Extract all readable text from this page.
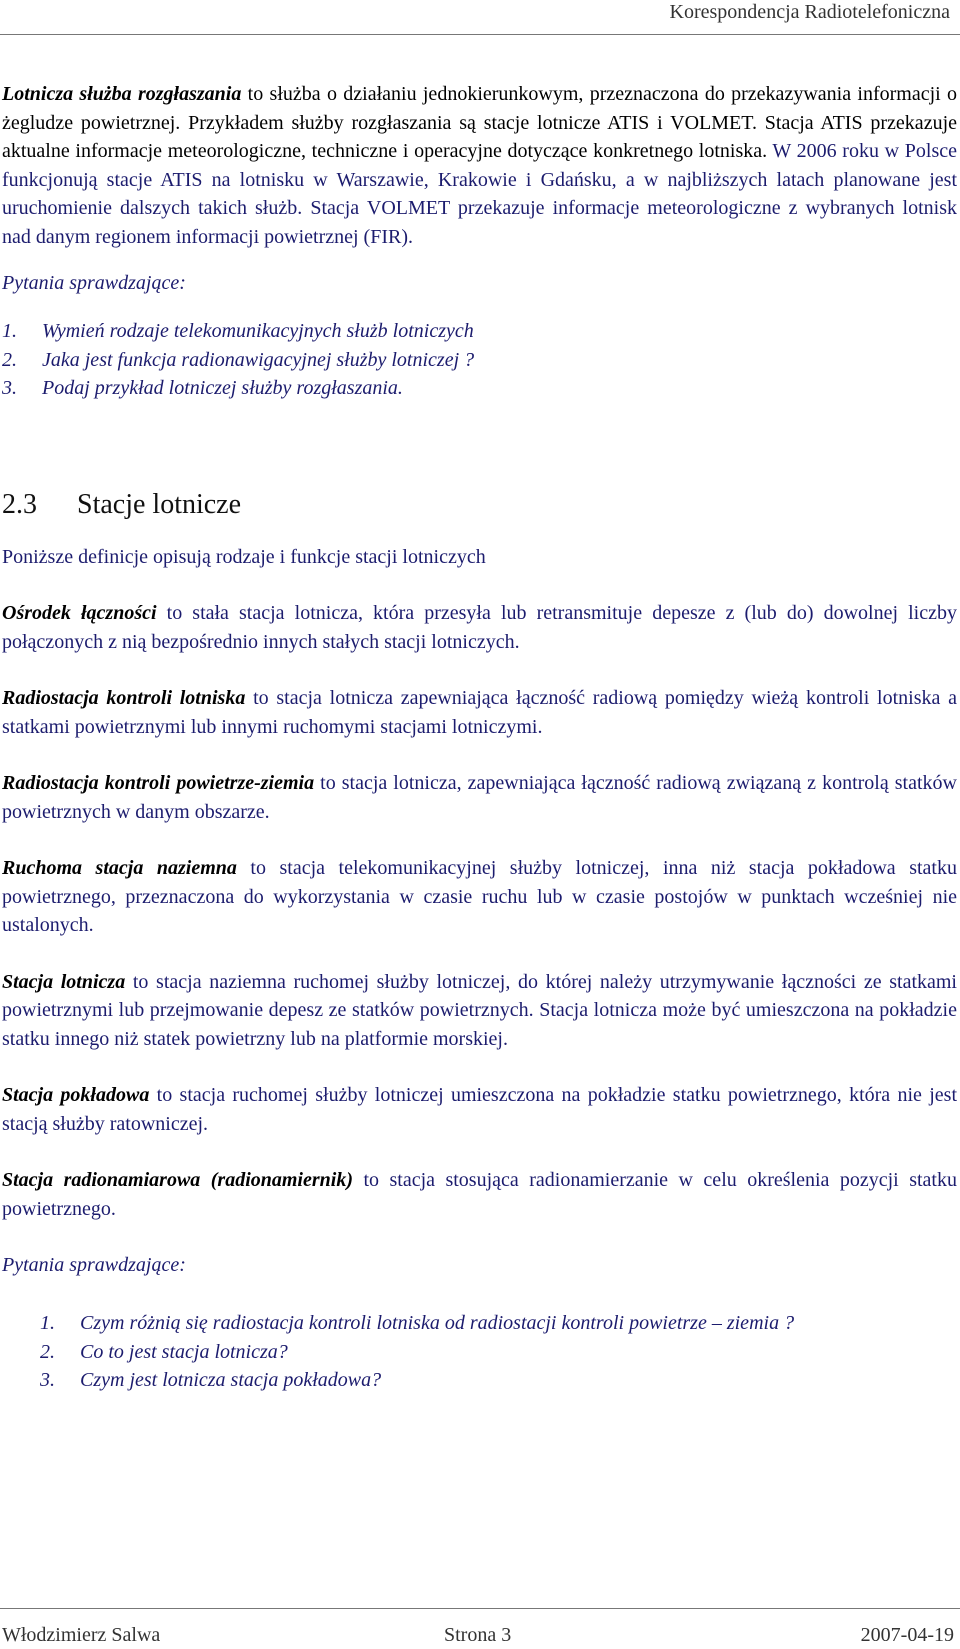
Korespondencja Radiotelefoniczna

Lotnicza służba rozgłaszania to służba o działaniu jednokierunkowym, przeznaczona do przekazywania informacji o żegludze powietrznej. Przykładem służby rozgłaszania są stacje lotnicze ATIS i VOLMET. Stacja ATIS przekazuje aktualne informacje meteorologiczne, techniczne i operacyjne dotyczące konkretnego lotniska. W 2006 roku w Polsce funkcjonują stacje ATIS na lotnisku w Warszawie, Krakowie i Gdańsku, a w najbliższych latach planowane jest uruchomienie dalszych takich służb. Stacja VOLMET przekazuje informacje meteorologiczne z wybranych lotnisk nad danym regionem informacji powietrznej (FIR).

Pytania sprawdzające:

1.	Wymień rodzaje telekomunikacyjnych służb lotniczych
2.	Jaka jest funkcja radionawigacyjnej służby lotniczej ?
3.	Podaj przykład lotniczej służby rozgłaszania.
2.3 Stacje lotnicze

Poniższe definicje opisują rodzaje i funkcje stacji lotniczych

Ośrodek łączności to stała stacja lotnicza, która przesyła lub retransmituje depesze z (lub do) dowolnej liczby połączonych z nią bezpośrednio innych stałych stacji lotniczych.

Radiostacja kontroli lotniska to stacja lotnicza zapewniająca łączność radiową pomiędzy wieżą kontroli lotniska a statkami powietrznymi lub innymi ruchomymi stacjami lotniczymi.

Radiostacja kontroli powietrze-ziemia to stacja lotnicza, zapewniająca łączność radiową związaną z kontrolą statków powietrznych w danym obszarze.

Ruchoma stacja naziemna to stacja telekomunikacyjnej służby lotniczej, inna niż stacja pokładowa statku powietrznego, przeznaczona do wykorzystania w czasie ruchu lub w czasie postojów w punktach wcześniej nie ustalonych.

Stacja lotnicza to stacja naziemna ruchomej służby lotniczej, do której należy utrzymywanie łączności ze statkami powietrznymi lub przejmowanie depesz ze statków powietrznych. Stacja lotnicza może być umieszczona na pokładzie statku innego niż statek powietrzny lub na platformie morskiej.

Stacja pokładowa to stacja ruchomej służby lotniczej umieszczona na pokładzie statku powietrznego, która nie jest stacją służby ratowniczej.

Stacja radionamiarowa (radionamiernik) to stacja stosująca radionamierzanie w celu określenia pozycji statku powietrznego.

Pytania sprawdzające:

1.	Czym różnią się radiostacja kontroli lotniska od radiostacji kontroli powietrze – ziemia ?
2.	Co to jest stacja lotnicza?
3.	Czym jest lotnicza stacja pokładowa?
Włodzimierz Salwa	Strona 3	2007-04-19
